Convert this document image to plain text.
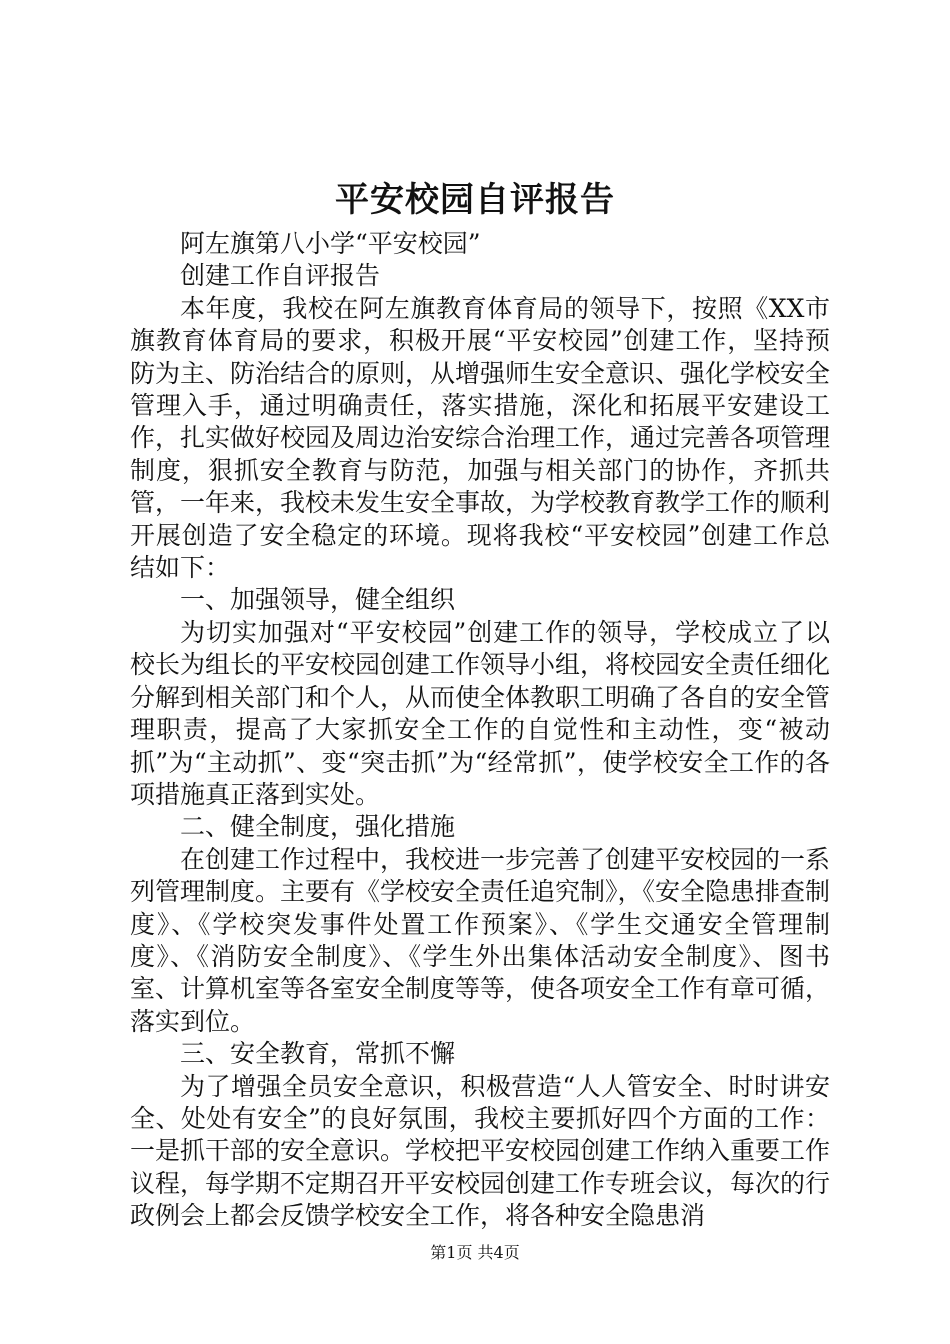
平安校园自评报告

阿左旗第八小学“平安校园”

创建工作自评报告

本年度，我校在阿左旗教育体育局的领导下，按照《XX市旗教育体育局的要求，积极开展“平安校园”创建工作，坚持预防为主、防治结合的原则，从增强师生安全意识、强化学校安全管理入手，通过明确责任，落实措施，深化和拓展平安建设工作，扎实做好校园及周边治安综合治理工作，通过完善各项管理制度，狠抓安全教育与防范，加强与相关部门的协作，齐抓共管，一年来，我校未发生安全事故，为学校教育教学工作的顺利开展创造了安全稳定的环境。现将我校“平安校园”创建工作总结如下：

一、加强领导，健全组织

为切实加强对“平安校园”创建工作的领导，学校成立了以校长为组长的平安校园创建工作领导小组，将校园安全责任细化分解到相关部门和个人，从而使全体教职工明确了各自的安全管理职责，提高了大家抓安全工作的自觉性和主动性，变“被动抓”为“主动抓”、变“突击抓”为“经常抓”，使学校安全工作的各项措施真正落到实处。

二、健全制度，强化措施

在创建工作过程中，我校进一步完善了创建平安校园的一系列管理制度。主要有《学校安全责任追究制》，《安全隐患排查制度》、《学校突发事件处置工作预案》、《学生交通安全管理制度》、《消防安全制度》、《学生外出集体活动安全制度》、图书室、计算机室等各室安全制度等等，使各项安全工作有章可循，落实到位。

三、安全教育，常抓不懈

为了增强全员安全意识，积极营造“人人管安全、时时讲安全、处处有安全”的良好氛围，我校主要抓好四个方面的工作：一是抓干部的安全意识。学校把平安校园创建工作纳入重要工作议程，每学期不定期召开平安校园创建工作专班会议，每次的行政例会上都会反馈学校安全工作，将各种安全隐患消

第1页 共4页
